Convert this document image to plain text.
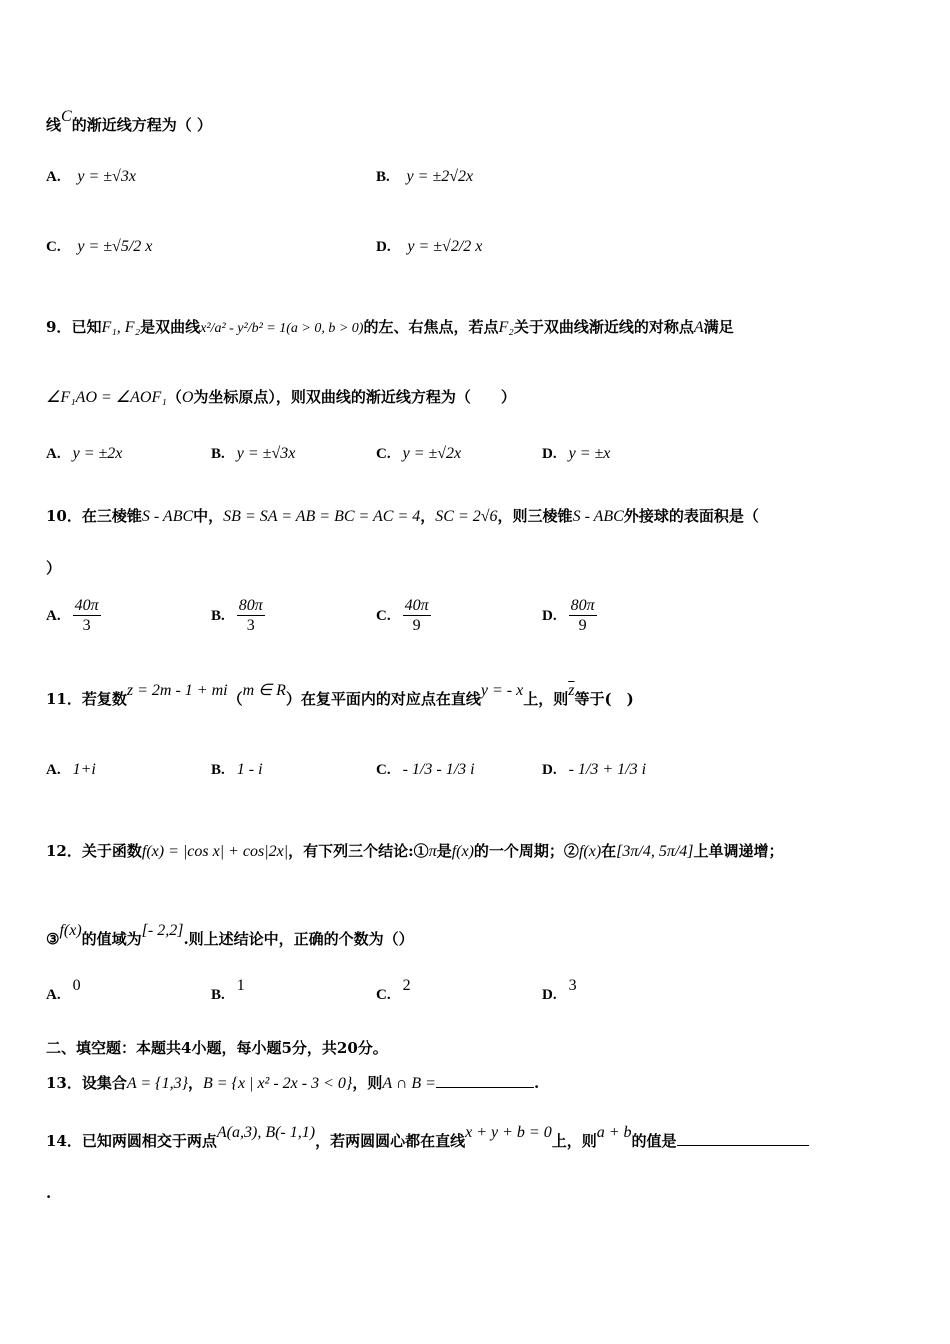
线C的渐近线方程为（ ）
A. y = ±√3x	B. y = ±2√2x
C. y = ±√5/2 x	D. y = ±√2/2 x
9．已知F₁, F₂是双曲线x²/a² - y²/b² = 1(a > 0, b > 0)的左、右焦点，若点F₂关于双曲线渐近线的对称点A满足
∠F₁AO = ∠AOF₁（O为坐标原点），则双曲线的渐近线方程为（　　）
A. y = ±2x	B. y = ±√3x	C. y = ±√2x	D. y = ±x
10．在三棱锥S - ABC中，SB = SA = AB = BC = AC = 4，SC = 2√6，则三棱锥S - ABC外接球的表面积是（
）
A. $\frac{40\pi}{3}$	B. $\frac{80\pi}{3}$	C. $\frac{40\pi}{9}$	D. $\frac{80\pi}{9}$
11．若复数z = 2m - 1 + mi（m ∈ R）在复平面内的对应点在直线y = - x上，则$\overline{z}$等于(　)
A. 1+i	B. 1 - i	C. - 1/3 - 1/3 i	D. - 1/3 + 1/3 i
12．关于函数f(x) = |cos x| + cos|2x|，有下列三个结论:①π是f(x)的一个周期；②f(x)在[3π/4, 5π/4]上单调递增；
③f(x)的值域为[- 2,2].则上述结论中，正确的个数为（）
A.0
B.1
C.2
D.3
二、填空题：本题共4小题，每小题5分，共20分。
13．设集合A = {1,3}，B = {x | x² - 2x - 3 < 0}，则A ∩ B =	.
14．已知两圆相交于两点A(a,3), B(- 1,1)，若两圆圆心都在直线x + y + b = 0上，则a + b的值是
.
